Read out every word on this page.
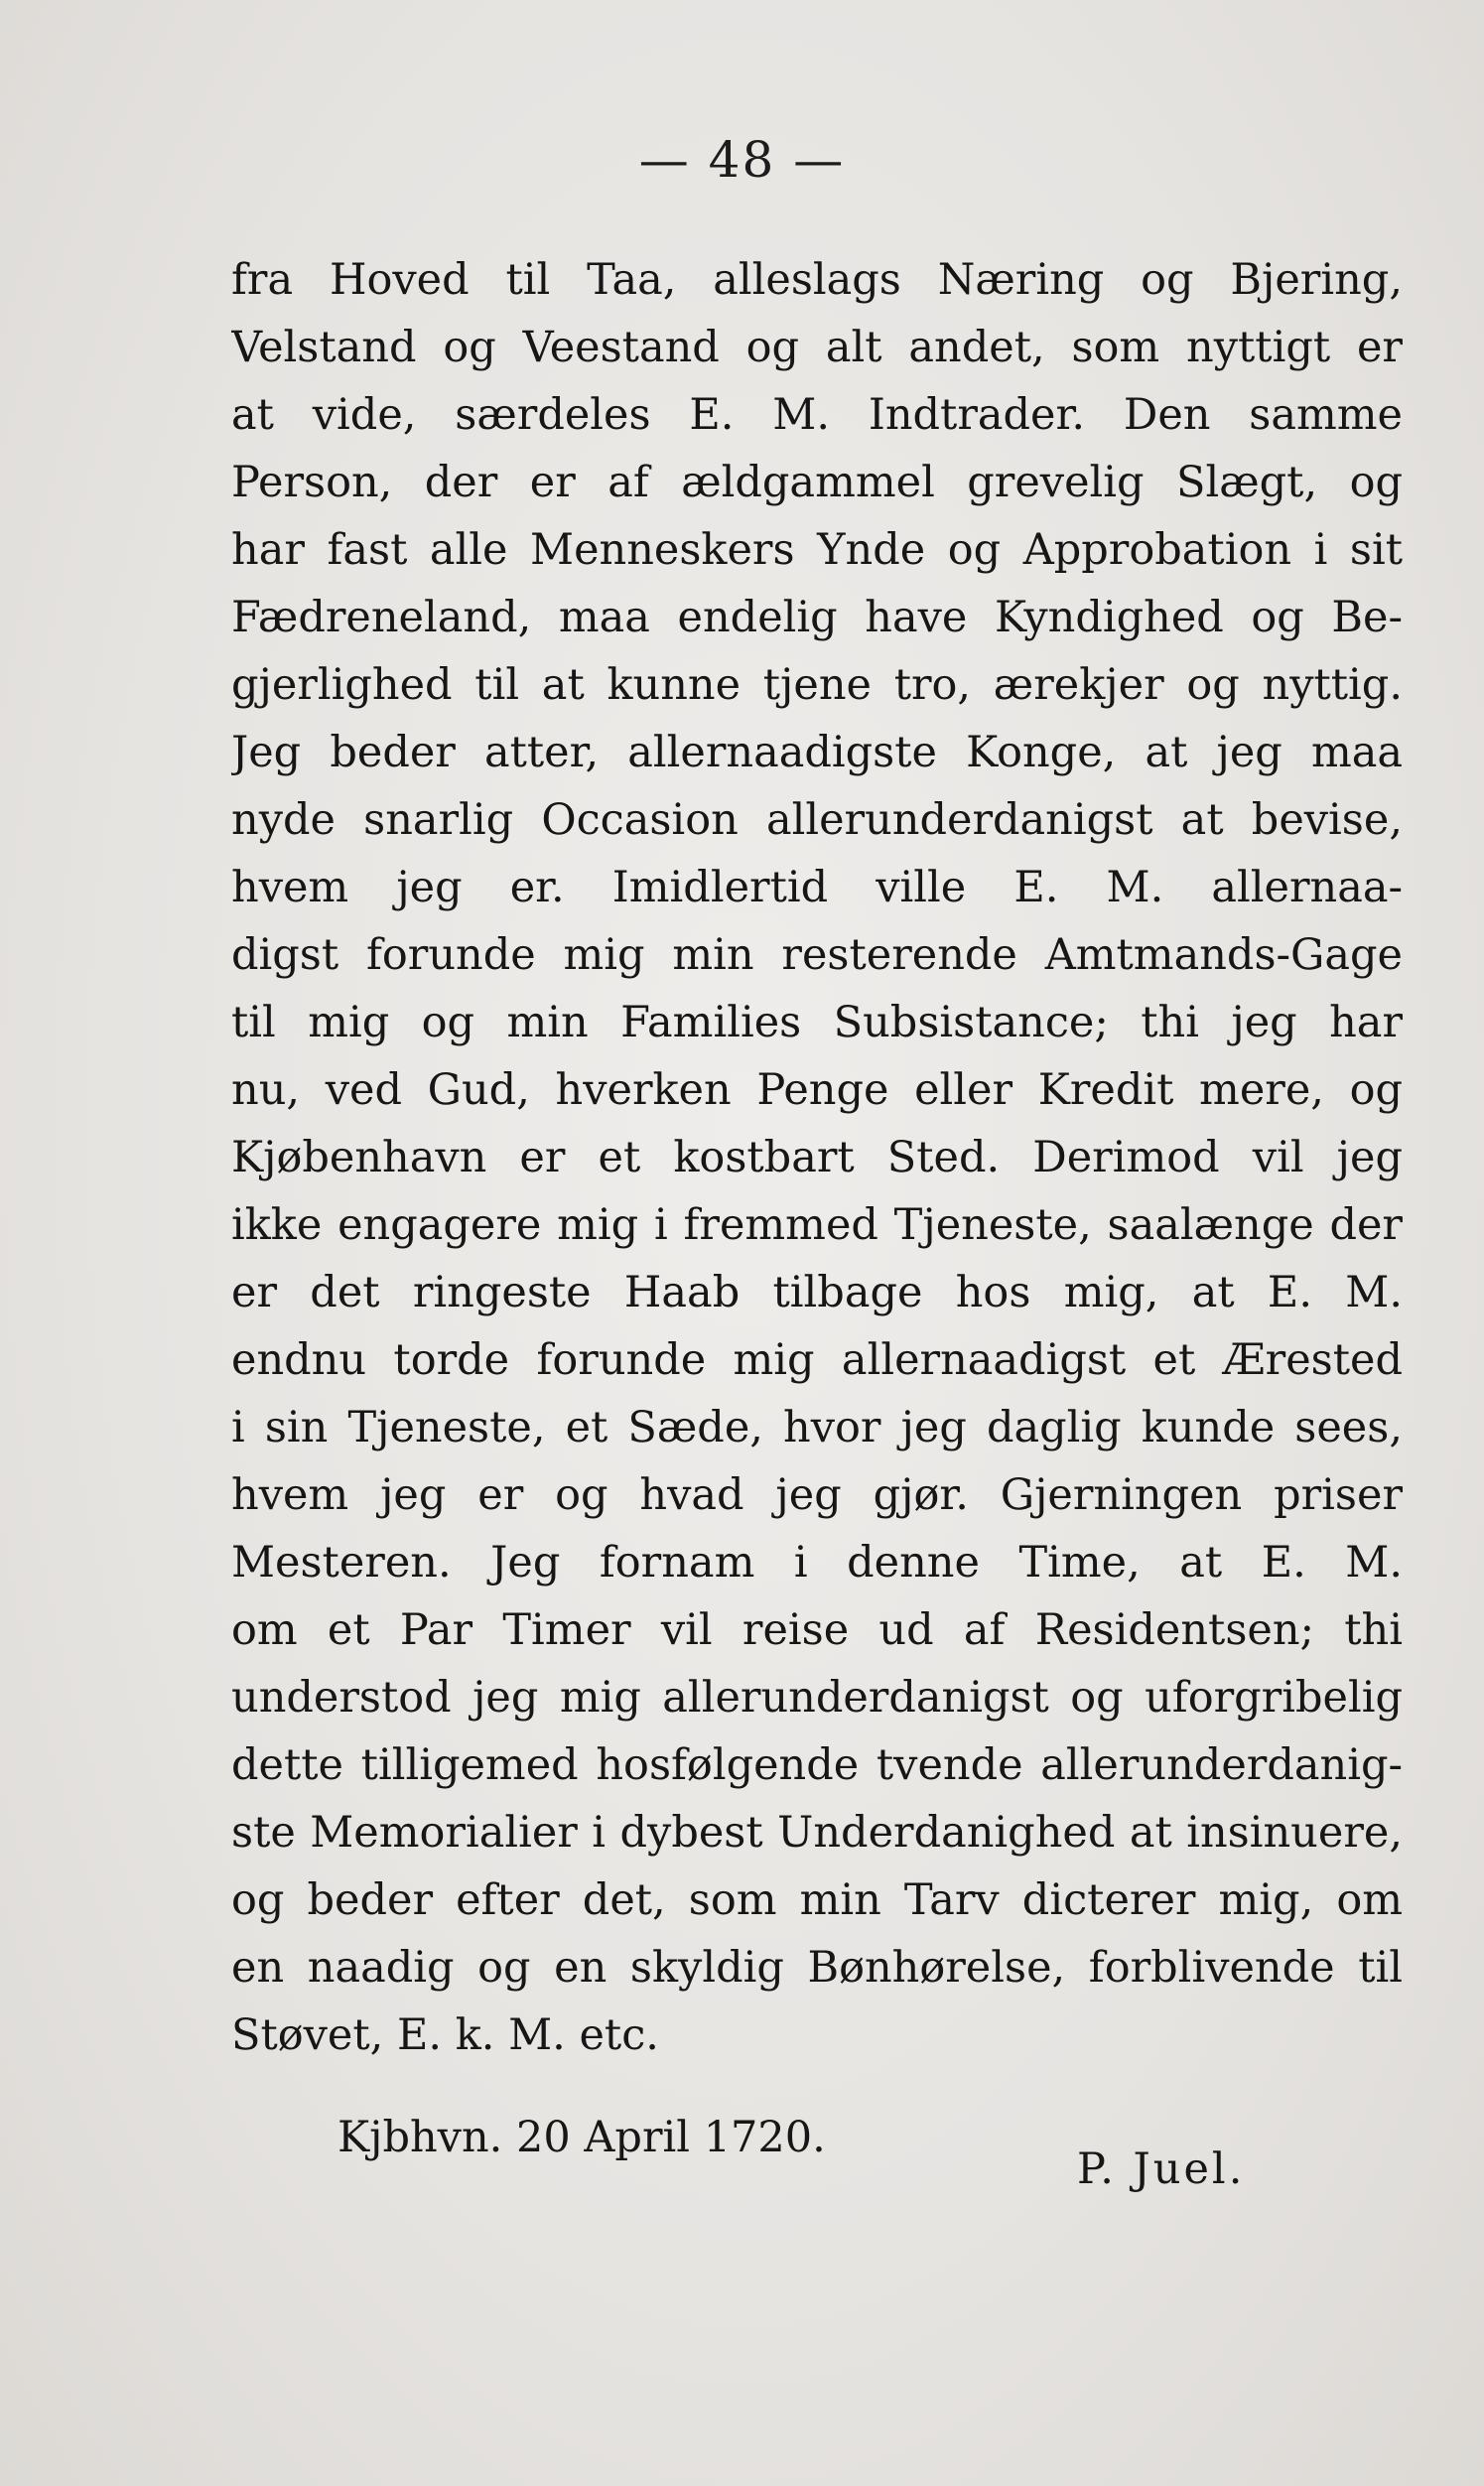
— 48 —
fra Hoved til Taa, alleslags Næring og Bjering,
Velstand og Veestand og alt andet, som nyttigt er
at vide, særdeles E. M. Indtrader. Den samme
Person, der er af ældgammel grevelig Slægt, og
har fast alle Menneskers Ynde og Approbation i sit
Fædreneland, maa endelig have Kyndighed og Be-
gjerlighed til at kunne tjene tro, ærekjer og nyttig.
Jeg beder atter, allernaadigste Konge, at jeg maa
nyde snarlig Occasion allerunderdanigst at bevise,
hvem jeg er. Imidlertid ville E. M. allernaa-
digst forunde mig min resterende Amtmands-Gage
til mig og min Families Subsistance; thi jeg har
nu, ved Gud, hverken Penge eller Kredit mere, og
Kjøbenhavn er et kostbart Sted. Derimod vil jeg
ikke engagere mig i fremmed Tjeneste, saalænge der
er det ringeste Haab tilbage hos mig, at E. M.
endnu torde forunde mig allernaadigst et Ærested
i sin Tjeneste, et Sæde, hvor jeg daglig kunde sees,
hvem jeg er og hvad jeg gjør. Gjerningen priser
Mesteren. Jeg fornam i denne Time, at E. M.
om et Par Timer vil reise ud af Residentsen; thi
understod jeg mig allerunderdanigst og uforgribelig
dette tilligemed hosfølgende tvende allerunderdanig-
ste Memorialier i dybest Underdanighed at insinuere,
og beder efter det, som min Tarv dicterer mig, om
en naadig og en skyldig Bønhørelse, forblivende til
Støvet, E. k. M. etc.
Kjbhvn. 20 April 1720.
P. Juel.
